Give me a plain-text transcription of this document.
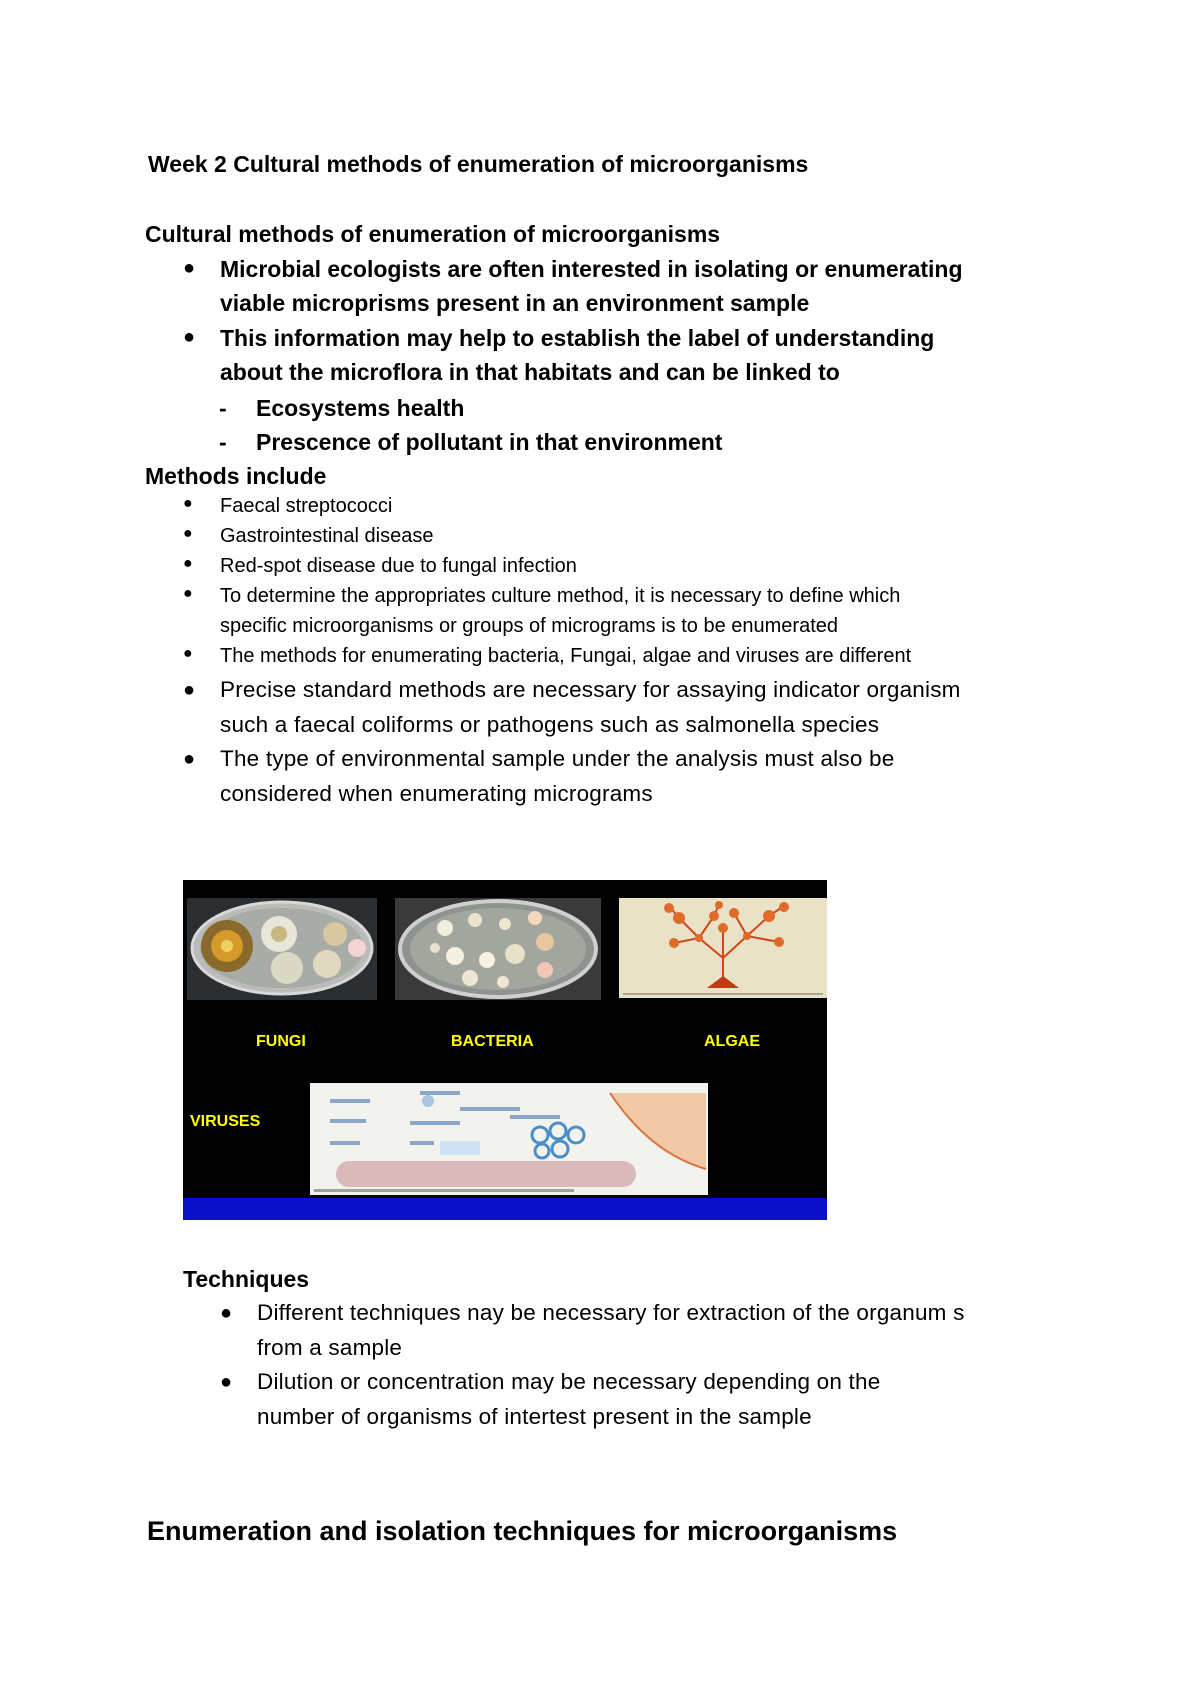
Week 2 Cultural methods of enumeration of microorganisms
Cultural methods of enumeration of microorganisms
● Microbial ecologists are often interested in isolating or enumerating
viable microprisms present in an environment sample
● This information may help to establish the label of understanding
about the microflora in that habitats and can be linked to
- Ecosystems health
- Prescence of pollutant in that environment
Methods include
● Faecal streptococci
● Gastrointestinal disease
● Red-spot disease due to fungal infection
● To determine the appropriates culture method, it is necessary to define which
specific microorganisms or groups of micrograms is to be enumerated
● The methods for enumerating bacteria, Fungai, algae and viruses are different
● Precise standard methods are necessary for assaying indicator organism
such a faecal coliforms or pathogens such as salmonella species
● The type of environmental sample under the analysis must also be
considered when enumerating micrograms
FUNGI	BACTERIA	ALGAE
VIRUSES
Techniques
● Different techniques nay be necessary for extraction of the organum s
from a sample
● Dilution or concentration may be necessary depending on the
number of organisms of intertest present in the sample
Enumeration and isolation techniques for microorganisms
